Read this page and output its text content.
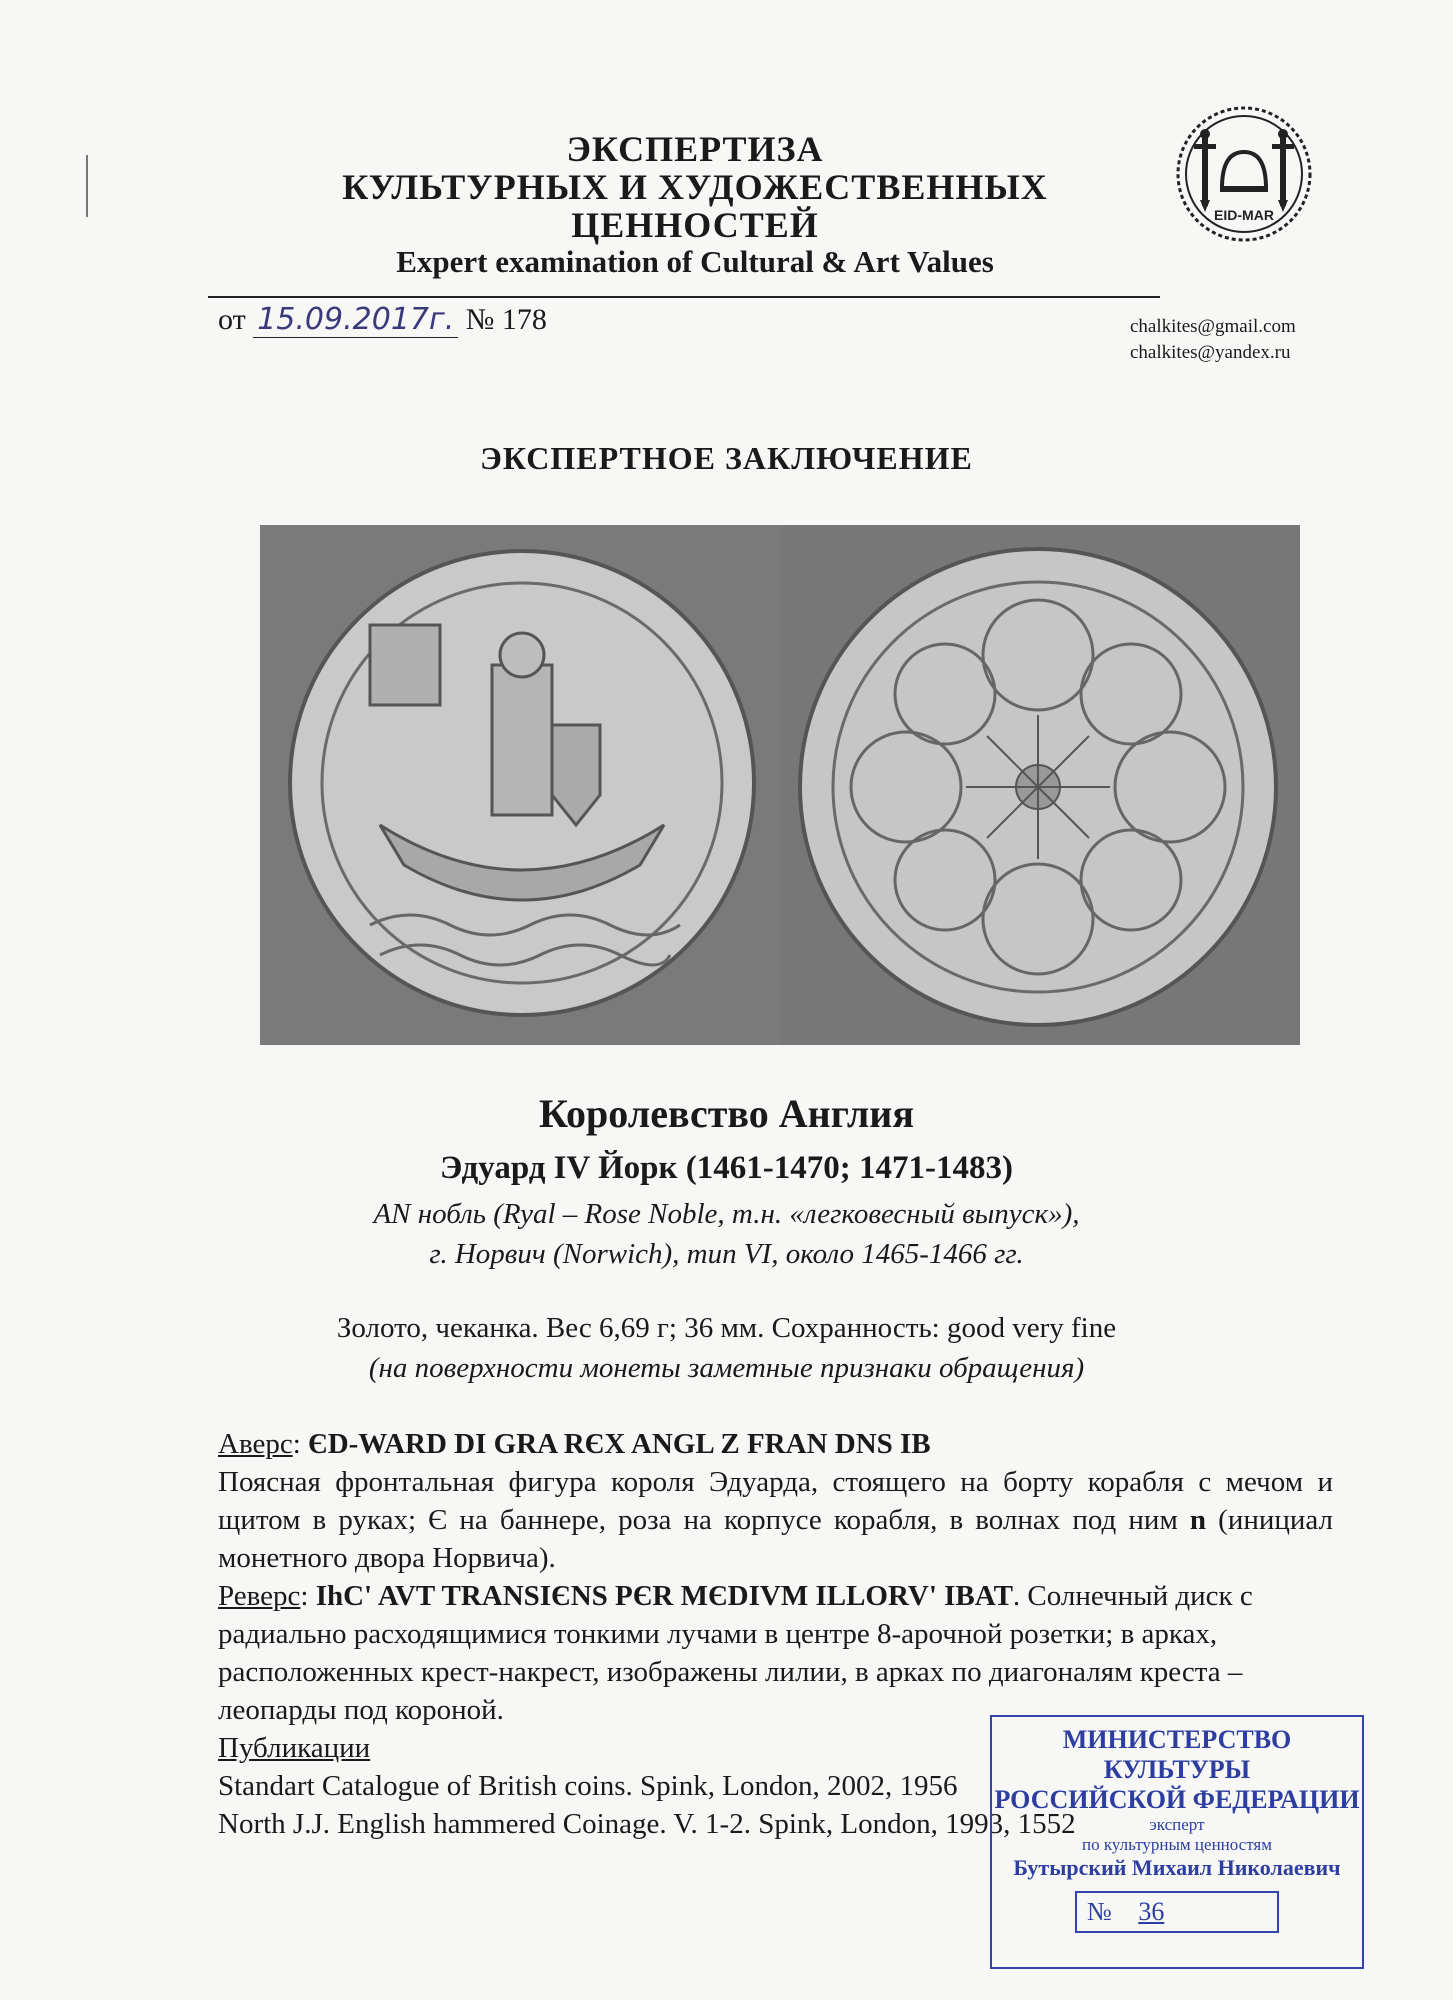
ЭКСПЕРТИЗА
КУЛЬТУРНЫХ И ХУДОЖЕСТВЕННЫХ
ЦЕННОСТЕЙ
Expert examination of Cultural & Art Values
EID-MAR
от 15.09.2017г. № 178	chalkites@gmail.com
chalkites@yandex.ru
ЭКСПЕРТНОЕ ЗАКЛЮЧЕНИЕ
Королевство Англия
Эдуард IV Йорк (1461-1470; 1471-1483)
AN нобль (Ryal – Rose Noble, т.н. «легковесный выпуск»),
г. Норвич (Norwich), тип VI, около 1465-1466 гг.
Золото, чеканка. Вес 6,69 г; 36 мм. Сохранность: good very fine
(на поверхности монеты заметные признаки обращения)
Аверс: ЄD-WARD DI GRA RЄX ANGL Z FRAN DNS IB
Поясная фронтальная фигура короля Эдуарда, стоящего на борту корабля с мечом и щитом в руках; Є на баннере, роза на корпусе корабля, в волнах под ним n (инициал монетного двора Норвича).
Реверс: IhC' AVT TRANSIЄNS PЄR MЄDIVM ILLORV' IBAT. Солнечный диск с радиально расходящимися тонкими лучами в центре 8-арочной розетки; в арках, расположенных крест-накрест, изображены лилии, в арках по диагоналям креста – леопарды под короной.
Публикации
Standart Catalogue of British coins. Spink, London, 2002, 1956
North J.J. English hammered Coinage. V. 1-2. Spink, London, 1993, 1552
МИНИСТЕРСТВО КУЛЬТУРЫ
РОССИЙСКОЙ ФЕДЕРАЦИИ
эксперт
по культурным ценностям
Бутырский Михаил Николаевич
№ 36
